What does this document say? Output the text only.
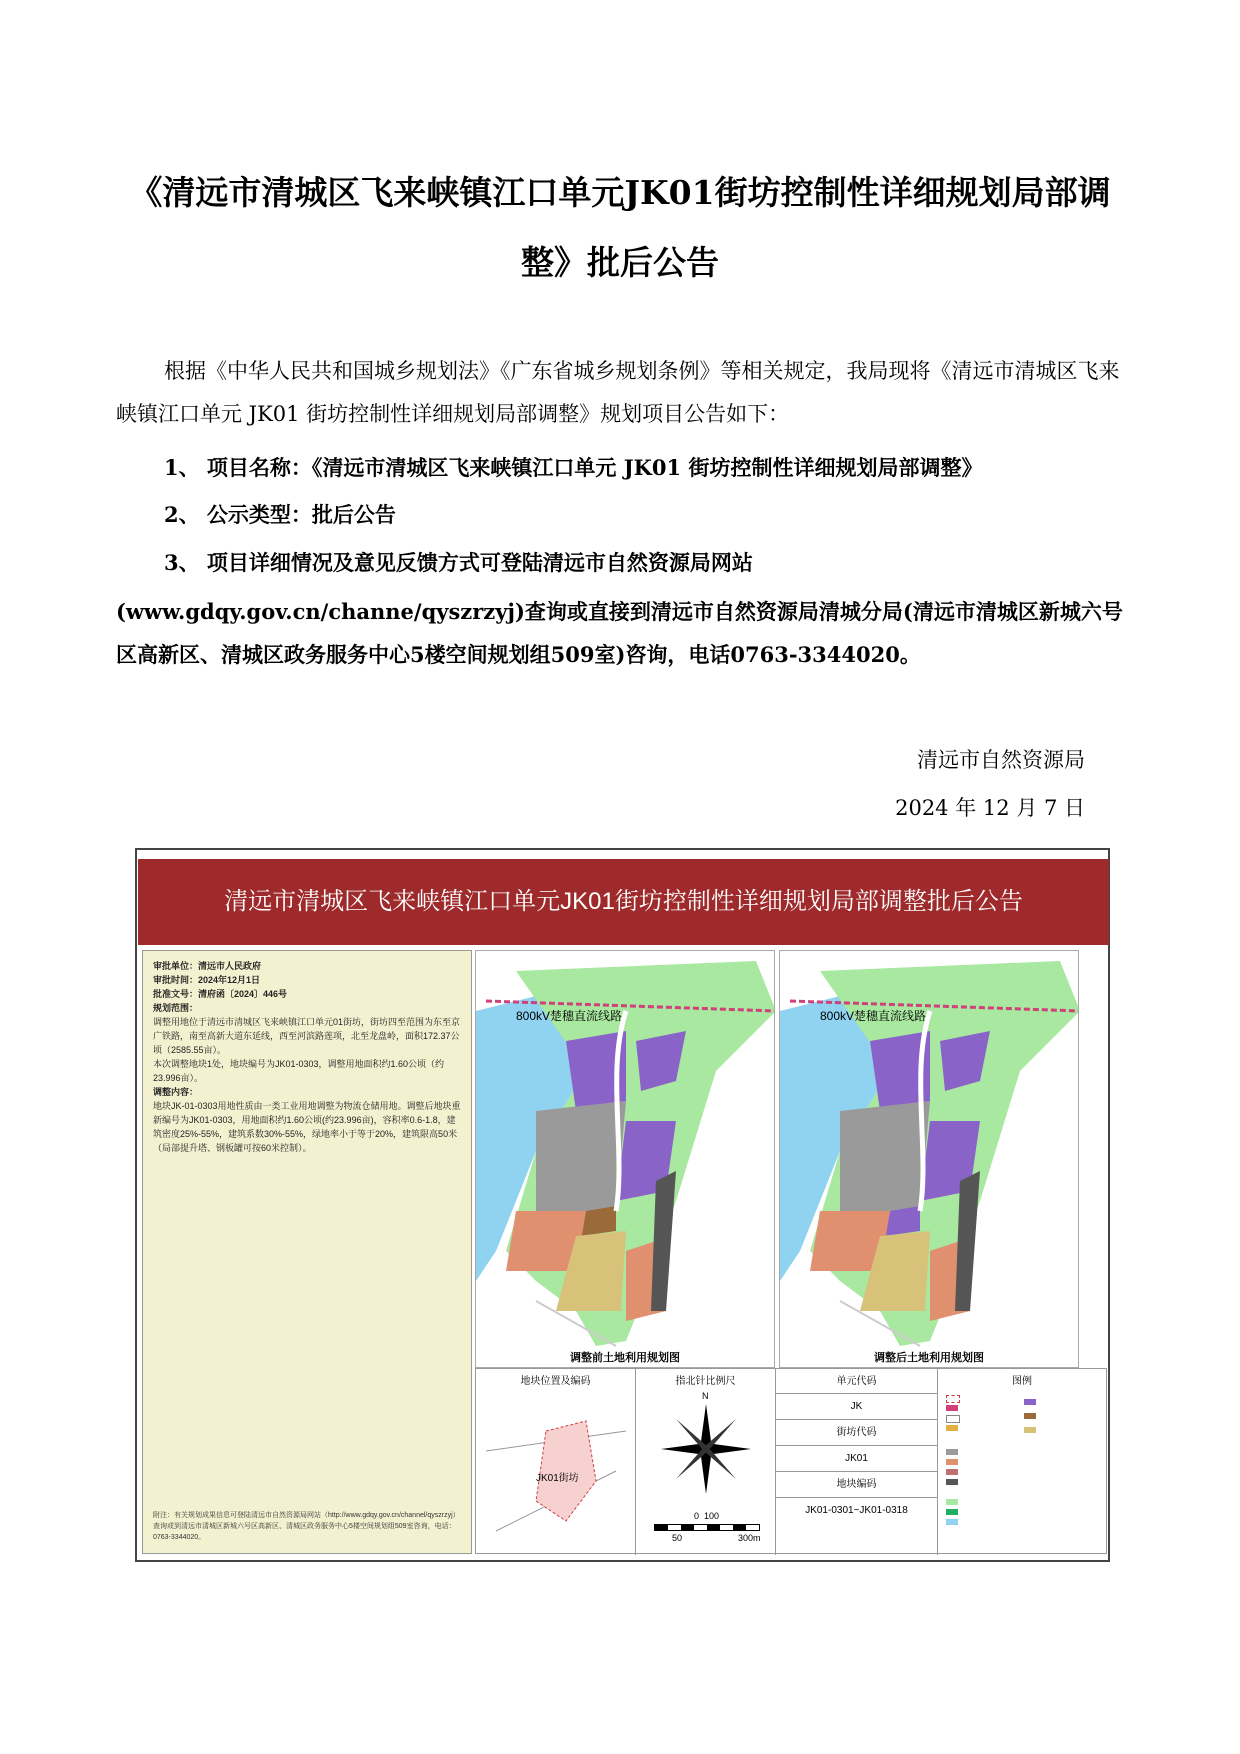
《清远市清城区飞来峡镇江口单元JK01街坊控制性详细规划局部调
整》批后公告
根据《中华人民共和国城乡规划法》《广东省城乡规划条例》等相关规定，我局现将《清远市清城区飞来峡镇江口单元 JK01 街坊控制性详细规划局部调整》规划项目公告如下：
1、 项目名称：《清远市清城区飞来峡镇江口单元 JK01 街坊控制性详细规划局部调整》
2、 公示类型：批后公告
3、 项目详细情况及意见反馈方式可登陆清远市自然资源局网站
(www.gdqy.gov.cn/channe/qyszrzyj)查询或直接到清远市自然资源局清城分局(清远市清城区新城六号区高新区、清城区政务服务中心5楼空间规划组509室)咨询，电话0763-3344020。
清远市自然资源局
2024 年 12 月 7 日
清远市清城区飞来峡镇江口单元JK01街坊控制性详细规划局部调整批后公告

审批单位：清远市人民政府

审批时间：2024年12月1日

批准文号：清府函〔2024〕446号

规划范围：

调整用地位于清远市清城区飞来峡镇江口单元01街坊，街坊四至范围为东至京广铁路，南至高新大道东延线，西至河滨路莲项，北至龙盘岭，面积172.37公顷（2585.55亩）。

本次调整地块1处，地块编号为JK01-0303，调整用地面积约1.60公顷（约23.996亩）。

调整内容：

地块JK-01-0303用地性质由一类工业用地调整为物流仓储用地。调整后地块重新编号为JK01-0303，用地面积约1.60公顷(约23.996亩)，容积率0.6-1.8，建筑密度25%-55%，建筑系数30%-55%，绿地率小于等于20%，建筑限高50米（局部提升塔、钢板罐可按60米控制）。

附注：有关规划成果信息可登陆清远市自然资源局网站（http://www.gdqy.gov.cn/channel/qyszrzyj）查询或到清远市清城区新城六号区高新区、清城区政务服务中心5楼空间规划组509室咨询，电话：0763-3344020。
800kV楚穗直流线路
调整前土地利用规划图
800kV楚穗直流线路
调整后土地利用规划图
地块位置及编码
JK01街坊
指北针比例尺
N
0 100
50	300m
单元代码
JK
街坊代码
JK01
地块编码
JK01-0301~JK01-0318
图例
